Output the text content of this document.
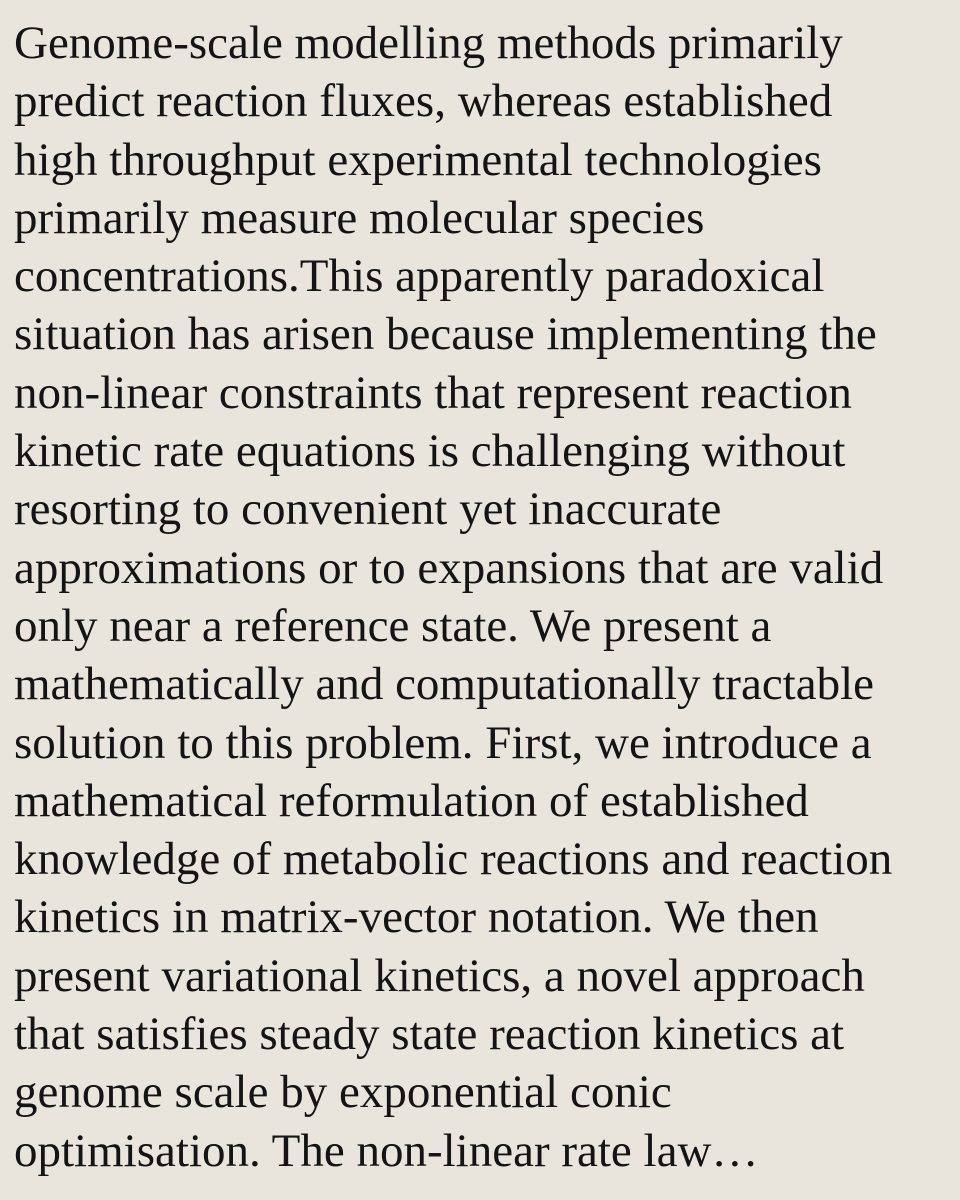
Genome-scale modelling methods primarily
predict reaction fluxes, whereas established
high throughput experimental technologies
primarily measure molecular species
concentrations.This apparently paradoxical
situation has arisen because implementing the
non-linear constraints that represent reaction
kinetic rate equations is challenging without
resorting to convenient yet inaccurate
approximations or to expansions that are valid
only near a reference state. We present a
mathematically and computationally tractable
solution to this problem. First, we introduce a
mathematical reformulation of established
knowledge of metabolic reactions and reaction
kinetics in matrix-vector notation. We then
present variational kinetics, a novel approach
that satisfies steady state reaction kinetics at
genome scale by exponential conic
optimisation. The non-linear rate law…
